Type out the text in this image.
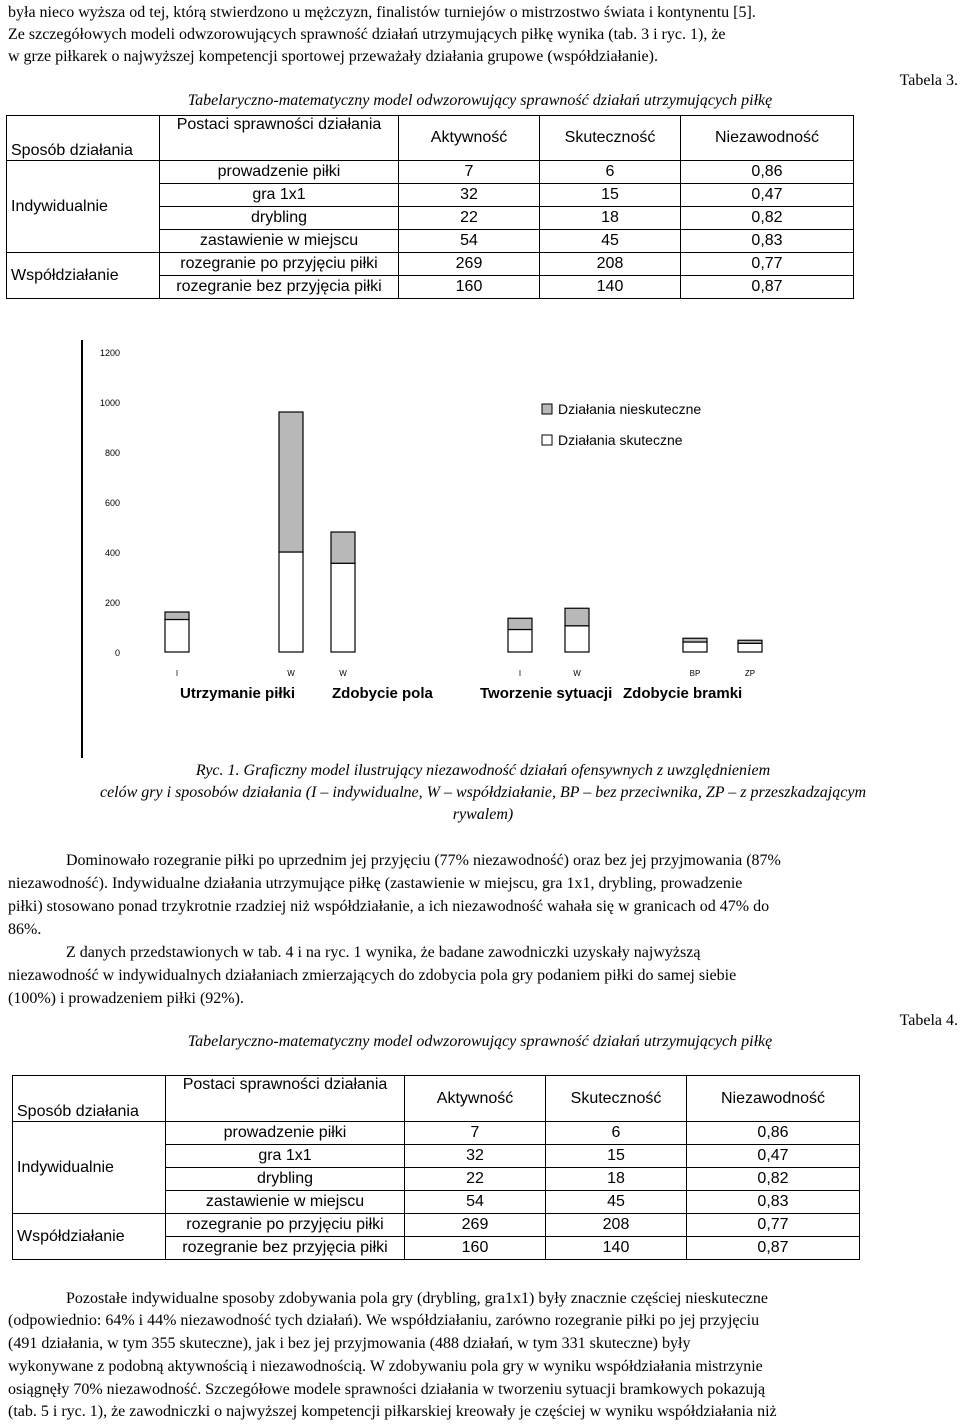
była nieco wyższa od tej, którą stwierdzono u mężczyzn, finalistów turniejów o mistrzostwo świata i kontynentu [5].
Ze szczegółowych modeli odwzorowujących sprawność działań utrzymujących piłkę wynika (tab. 3 i ryc. 1), że
w grze piłkarek o najwyższej kompetencji sportowej przeważały działania grupowe (współdziałanie).
Tabela 3.
Tabelaryczno-matematyczny model odwzorowujący sprawność działań utrzymujących piłkę
Sposób działania	Postaci sprawności działania	Aktywność	Skuteczność	Niezawodność
Indywidualnie	prowadzenie piłki	7	6	0,86
	gra 1x1	32	15	0,47
	drybling	22	18	0,82
	zastawienie w miejscu	54	45	0,83
Współdziałanie	rozegranie po przyjęciu piłki	269	208	0,77
	rozegranie bez przyjęcia piłki	160	140	0,87
1200
1000
800
600
400
200
0
I	W	W	I	W	BP	ZP
Utrzymanie piłki Zdobycie pola	Tworzenie sytuacji Zdobycie bramki
Działania nieskuteczne
Działania skuteczne
Ryc. 1. Graficzny model ilustrujący niezawodność działań ofensywnych z uwzględnieniem
celów gry i sposobów działania (I – indywidualne, W – współdziałanie, BP – bez przeciwnika, ZP – z przeszkadzającym
rywalem)
Dominowało rozegranie piłki po uprzednim jej przyjęciu (77% niezawodność) oraz bez jej przyjmowania (87%
niezawodność). Indywidualne działania utrzymujące piłkę (zastawienie w miejscu, gra 1x1, drybling, prowadzenie
piłki) stosowano ponad trzykrotnie rzadziej niż współdziałanie, a ich niezawodność wahała się w granicach od 47% do
86%.
Z danych przedstawionych w tab. 4 i na ryc. 1 wynika, że badane zawodniczki uzyskały najwyższą
niezawodność w indywidualnych działaniach zmierzających do zdobycia pola gry podaniem piłki do samej siebie
(100%) i prowadzeniem piłki (92%).
Tabela 4.
Tabelaryczno-matematyczny model odwzorowujący sprawność działań utrzymujących piłkę
Sposób działania	Postaci sprawności działania	Aktywność	Skuteczność	Niezawodność
Indywidualnie	prowadzenie piłki	7	6	0,86
	gra 1x1	32	15	0,47
	drybling	22	18	0,82
	zastawienie w miejscu	54	45	0,83
Współdziałanie	rozegranie po przyjęciu piłki	269	208	0,77
	rozegranie bez przyjęcia piłki	160	140	0,87
Pozostałe indywidualne sposoby zdobywania pola gry (drybling, gra1x1) były znacznie częściej nieskuteczne
(odpowiednio: 64% i 44% niezawodność tych działań). We współdziałaniu, zarówno rozegranie piłki po jej przyjęciu
(491 działania, w tym 355 skuteczne), jak i bez jej przyjmowania (488 działań, w tym 331 skuteczne) były
wykonywane z podobną aktywnością i niezawodnością. W zdobywaniu pola gry w wyniku współdziałania mistrzynie
osiągnęły 70% niezawodność. Szczegółowe modele sprawności działania w tworzeniu sytuacji bramkowych pokazują
(tab. 5 i ryc. 1), że zawodniczki o najwyższej kompetencji piłkarskiej kreowały je częściej w wyniku współdziałania niż
